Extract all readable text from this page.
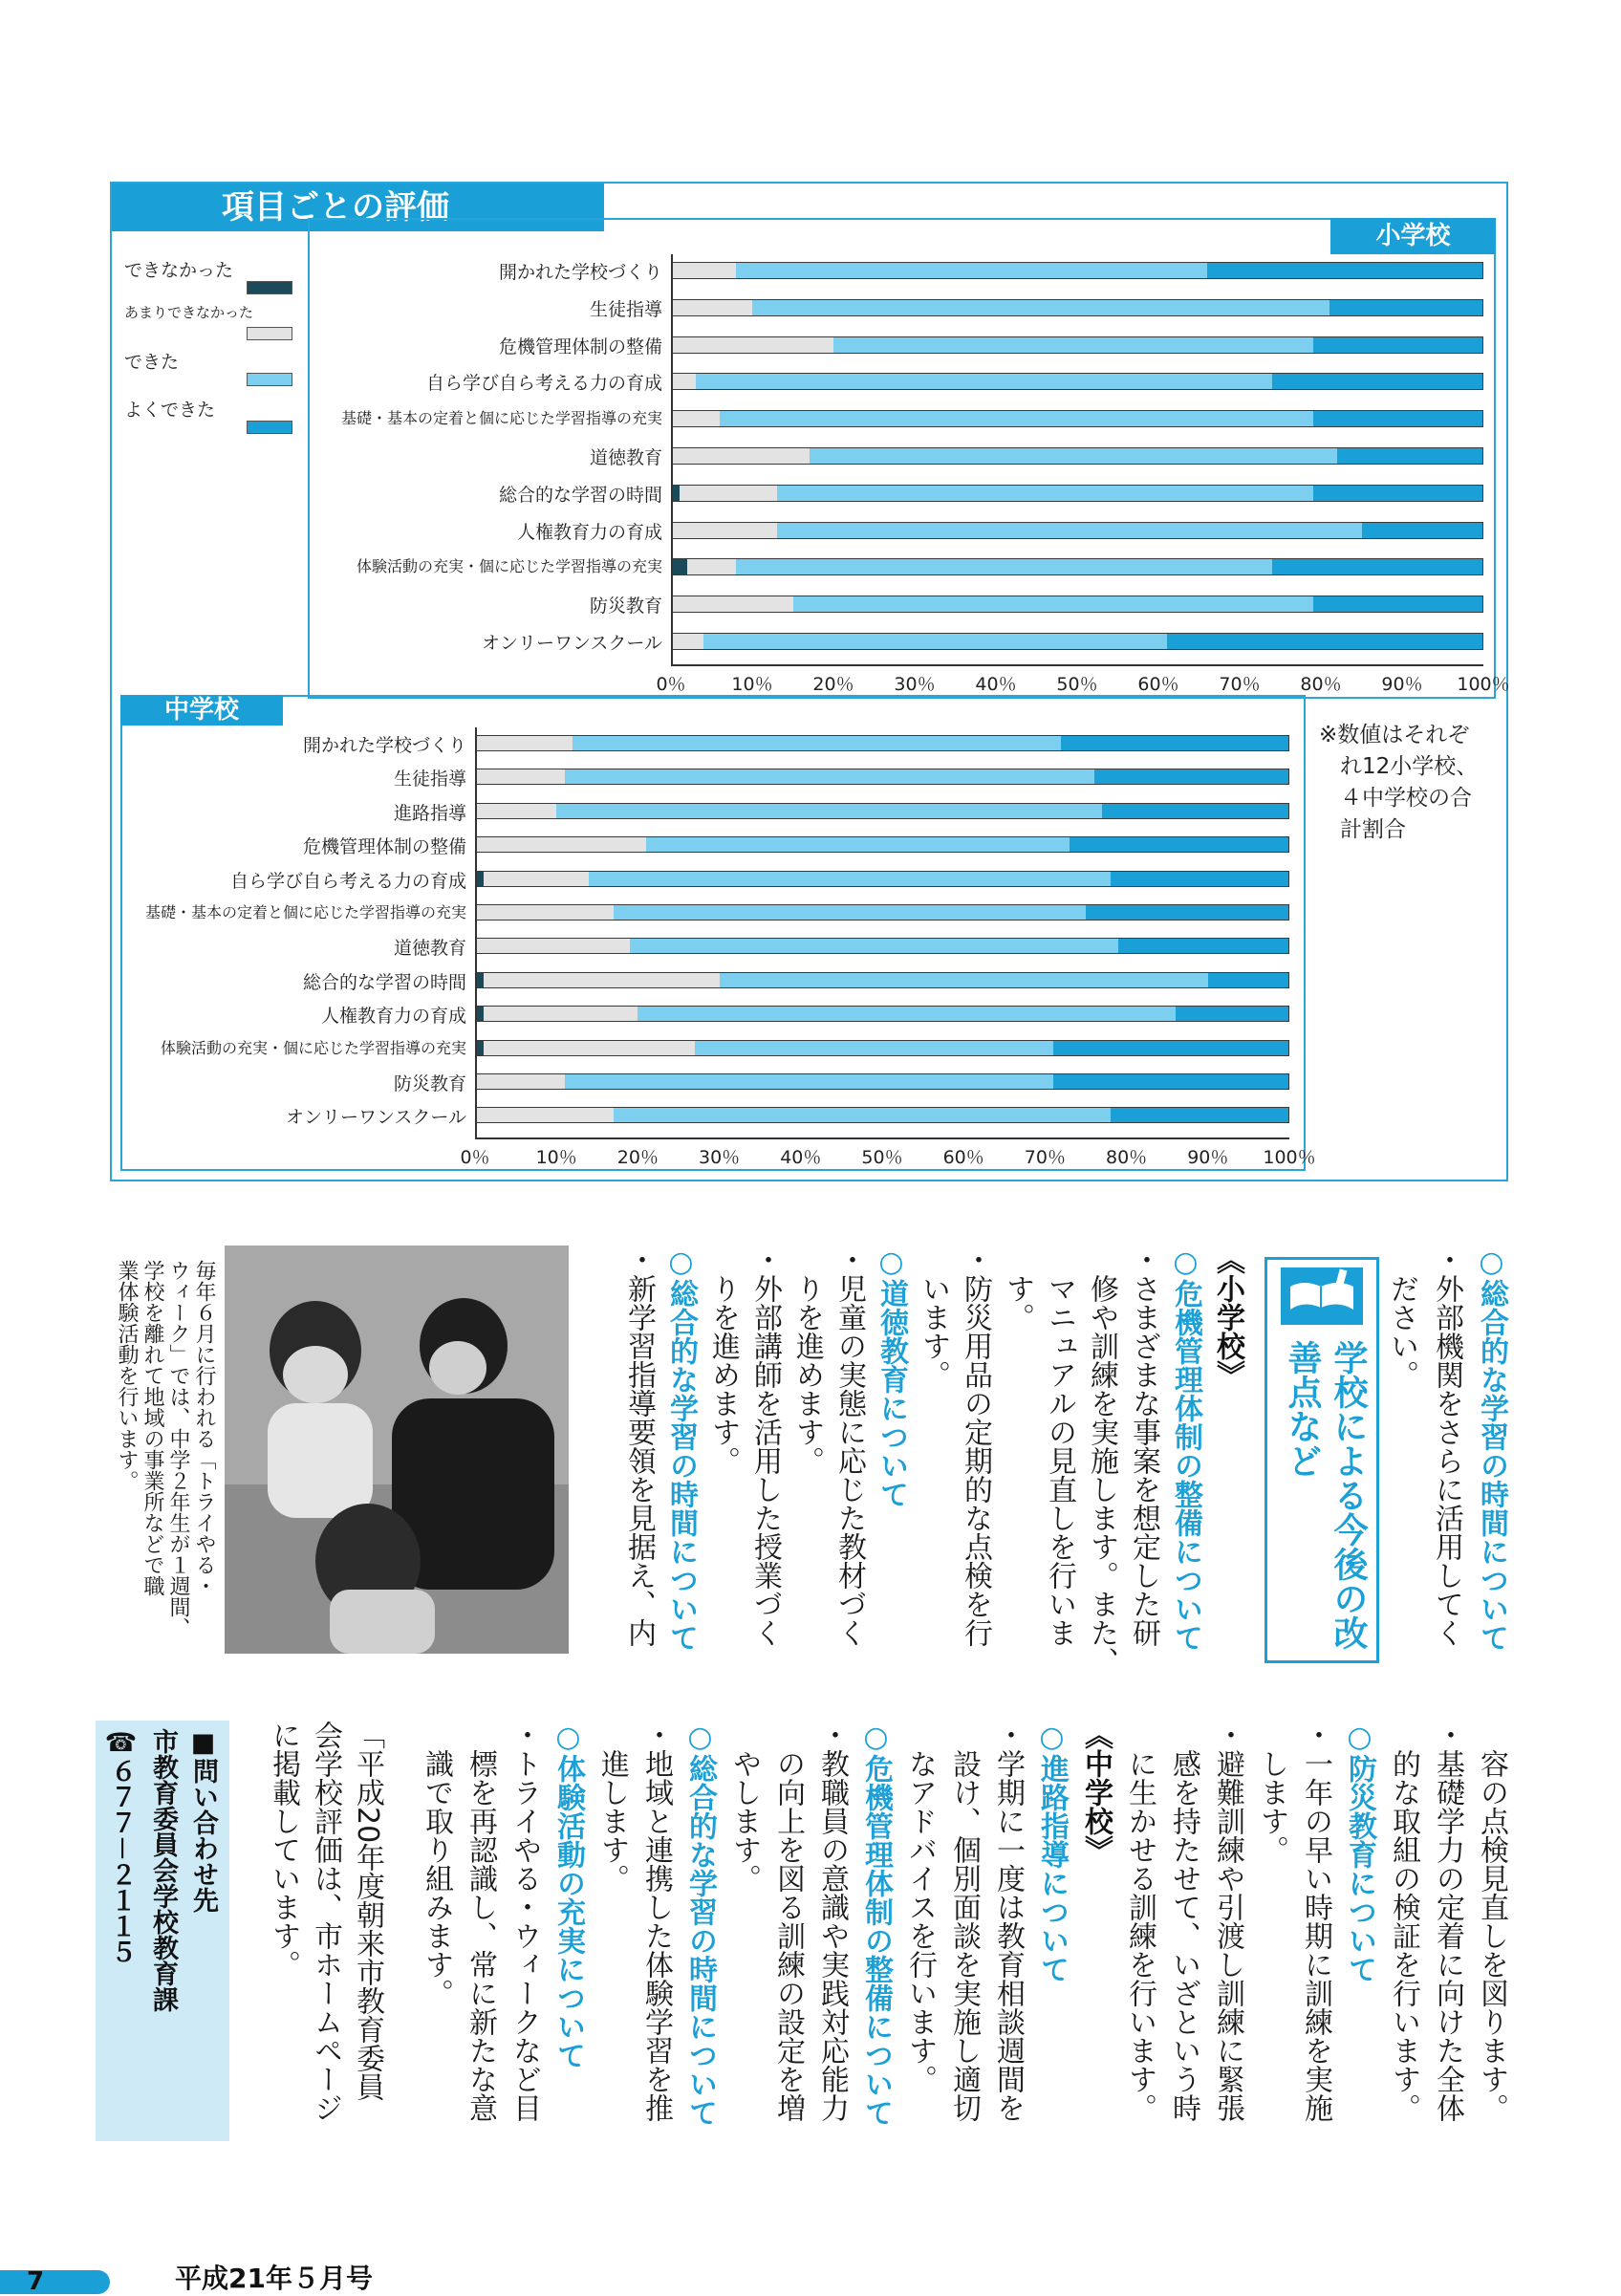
項目ごとの評価
小学校
中学校
できなかった
あまりできなかった
できた
よくできた
開かれた学校づくり
生徒指導
危機管理体制の整備
自ら学び自ら考える力の育成
基礎・基本の定着と個に応じた学習指導の充実
道徳教育
総合的な学習の時間
人権教育力の育成
体験活動の充実・個に応じた学習指導の充実
防災教育
オンリーワンスクール
0％	10％ 20％ 30％ 40％ 50％ 60％ 70％ 80％ 90％ 100％
開かれた学校づくり
生徒指導
進路指導
危機管理体制の整備
自ら学び自ら考える力の育成
基礎・基本の定着と個に応じた学習指導の充実
道徳教育
総合的な学習の時間
人権教育力の育成
体験活動の充実・個に応じた学習指導の充実
防災教育
オンリーワンスクール
0％	10％ 20％ 30％ 40％ 50％ 60％ 70％ 80％ 90％ 100％
※数値はそれぞ
れ12小学校、
４中学校の合
計割合
学校による今後の改
善点など	○総合的な学習の時間について
・外部機関をさらに活用してく
　ださい。
《小学校》
○危機管理体制の整備について
・さまざまな事案を想定した研
　修や訓練を実施します。また、
　マニュアルの見直しを行いま
　す。
・防災用品の定期的な点検を行
　います。
○道徳教育について
・児童の実態に応じた教材づく
　りを進めます。
・外部講師を活用した授業づく
　りを進めます。
○総合的な学習の時間について
・新学習指導要領を見据え、内
　容の点検見直しを図ります。
・基礎学力の定着に向けた全体
　的な取組の検証を行います。
○防災教育について
・一年の早い時期に訓練を実施
　します。
・避難訓練や引渡し訓練に緊張
　感を持たせて、いざという時
　に生かせる訓練を行います。
《中学校》
○進路指導について
・学期に一度は教育相談週間を
　設け、個別面談を実施し適切
　なアドバイスを行います。
○危機管理体制の整備について
・教職員の意識や実践対応能力
　の向上を図る訓練の設定を増
　やします。
○総合的な学習の時間について
・地域と連携した体験学習を推
　進します。
○体験活動の充実について
・トライやる・ウィークなど目
　標を再認識し、常に新たな意
　識で取り組みます。
毎年６月に行われる「トライやる・
ウィーク」では、中学２年生が１週間、
学校を離れて地域の事業所などで職
業体験活動を行います。
「平成20年度朝来市教育委員
会学校評価は、市ホームページ
に掲載しています。
■問い合わせ先
市教育委員会学校教育課
☎６７７－２１１５
7	平成21年５月号
